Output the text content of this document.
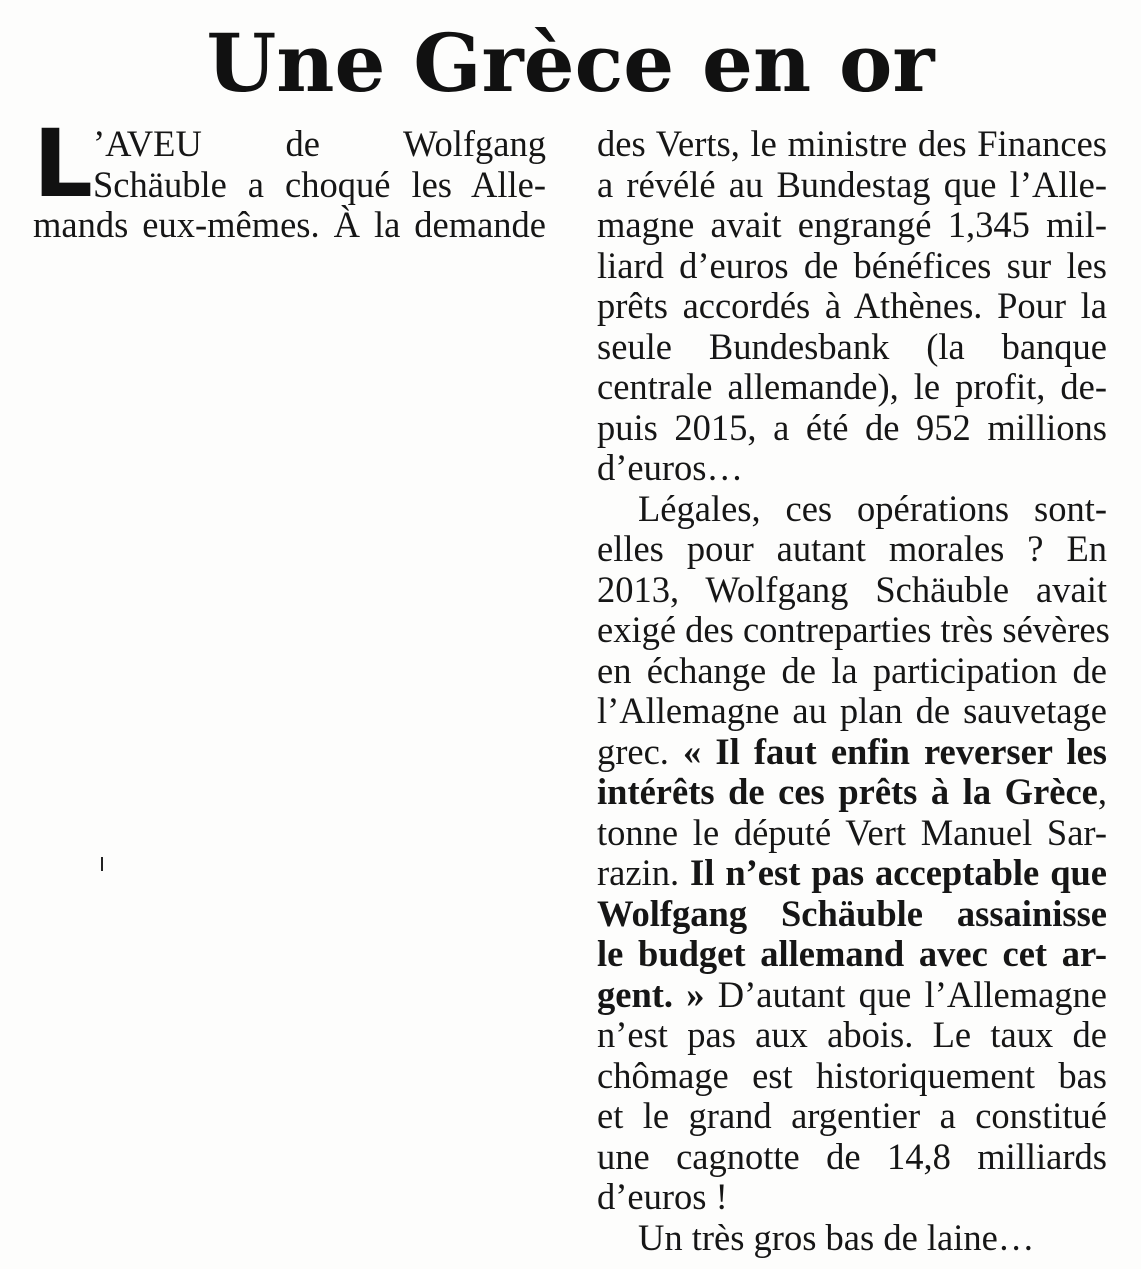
Une Grèce en or
L ’AVEU de Wolfgang
Schäuble a choqué les Alle-
mands eux-mêmes. À la demande
des Verts, le ministre des Finances
a révélé au Bundestag que l’Alle-
magne avait engrangé 1,345 mil-
liard d’euros de bénéfices sur les
prêts accordés à Athènes. Pour la
seule Bundesbank (la banque
centrale allemande), le profit, de-
puis 2015, a été de 952 millions
d’euros…
Légales, ces opérations sont-
elles pour autant morales ? En
2013, Wolfgang Schäuble avait
exigé des contreparties très sévères
en échange de la participation de
l’Allemagne au plan de sauvetage
grec. « Il faut enfin reverser les
intérêts de ces prêts à la Grèce,
tonne le député Vert Manuel Sar-
razin. Il n’est pas acceptable que
Wolfgang Schäuble assainisse
le budget allemand avec cet ar-
gent. » D’autant que l’Allemagne
n’est pas aux abois. Le taux de
chômage est historiquement bas
et le grand argentier a constitué
une cagnotte de 14,8 milliards
d’euros !
Un très gros bas de laine…
